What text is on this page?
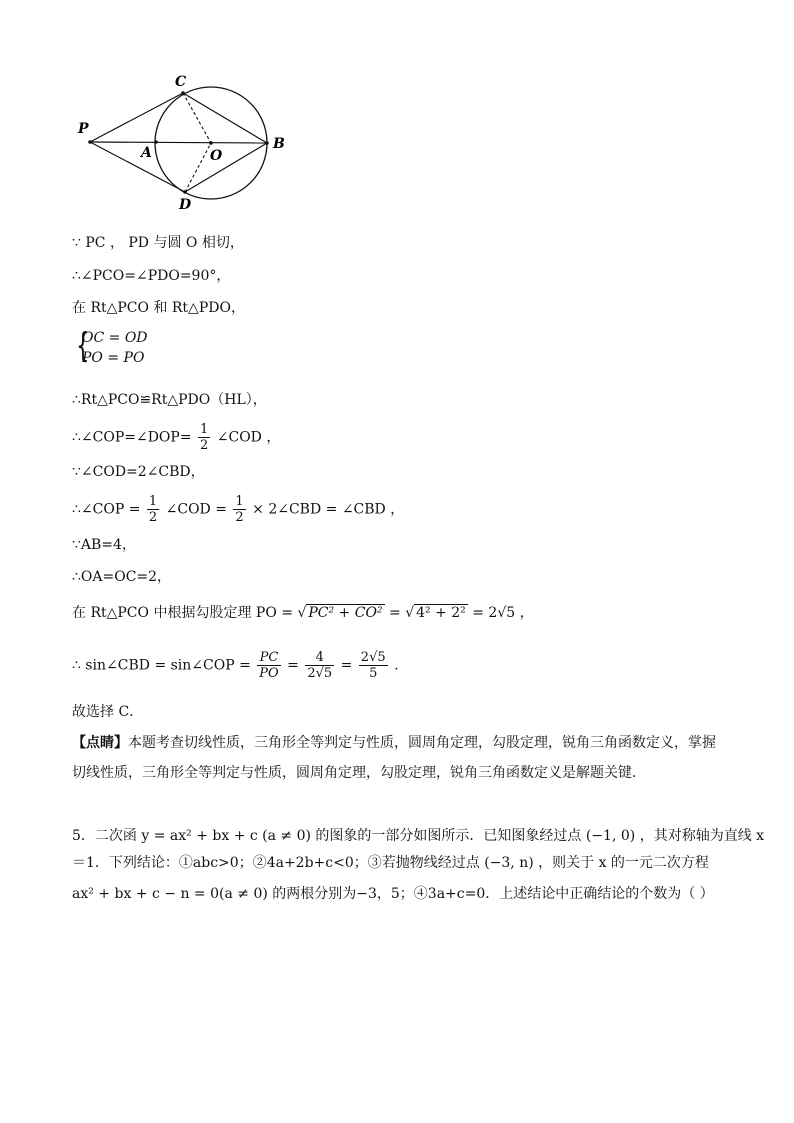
P
C
A	O
B
D
∵ PC ， PD 与圆 O 相切，
∴∠PCO=∠PDO=90°，
在 Rt△PCO 和 Rt△PDO，
{
OC = OD
PO = PO
∴Rt△PCO≌Rt△PDO（HL），
∴∠COP=∠DOP= $\frac{1}{2}$ ∠COD ，
∵∠COD=2∠CBD，
∴∠COP = $\frac{1}{2}$ ∠COD = $\frac{1}{2}$ × 2∠CBD = ∠CBD ，
∵AB=4，
∴OA=OC=2，
在 Rt△PCO 中根据勾股定理 PO = √ PC² + CO² = √ 4² + 2² = 2√5 ，
∴ sin∠CBD = sin∠COP = $\frac{PC}{PO} = \frac{4}{2√5} = \frac{2√5}{5}$ .
故选择 C．
【点睛】本题考查切线性质，三角形全等判定与性质，圆周角定理，勾股定理，锐角三角函数定义，掌握切线性质，三角形全等判定与性质，圆周角定理，勾股定理，锐角三角函数定义是解题关键．
5．二次函 y = ax² + bx + c (a ≠ 0) 的图象的一部分如图所示．已知图象经过点 (−1, 0) ，其对称轴为直线 x
＝1．下列结论：①abc>0；②4a+2b+c<0；③若抛物线经过点 (−3, n) ，则关于 x 的一元二次方程
ax² + bx + c − n = 0(a ≠ 0) 的两根分别为−3，5；④3a+c=0．上述结论中正确结论的个数为（ ）
